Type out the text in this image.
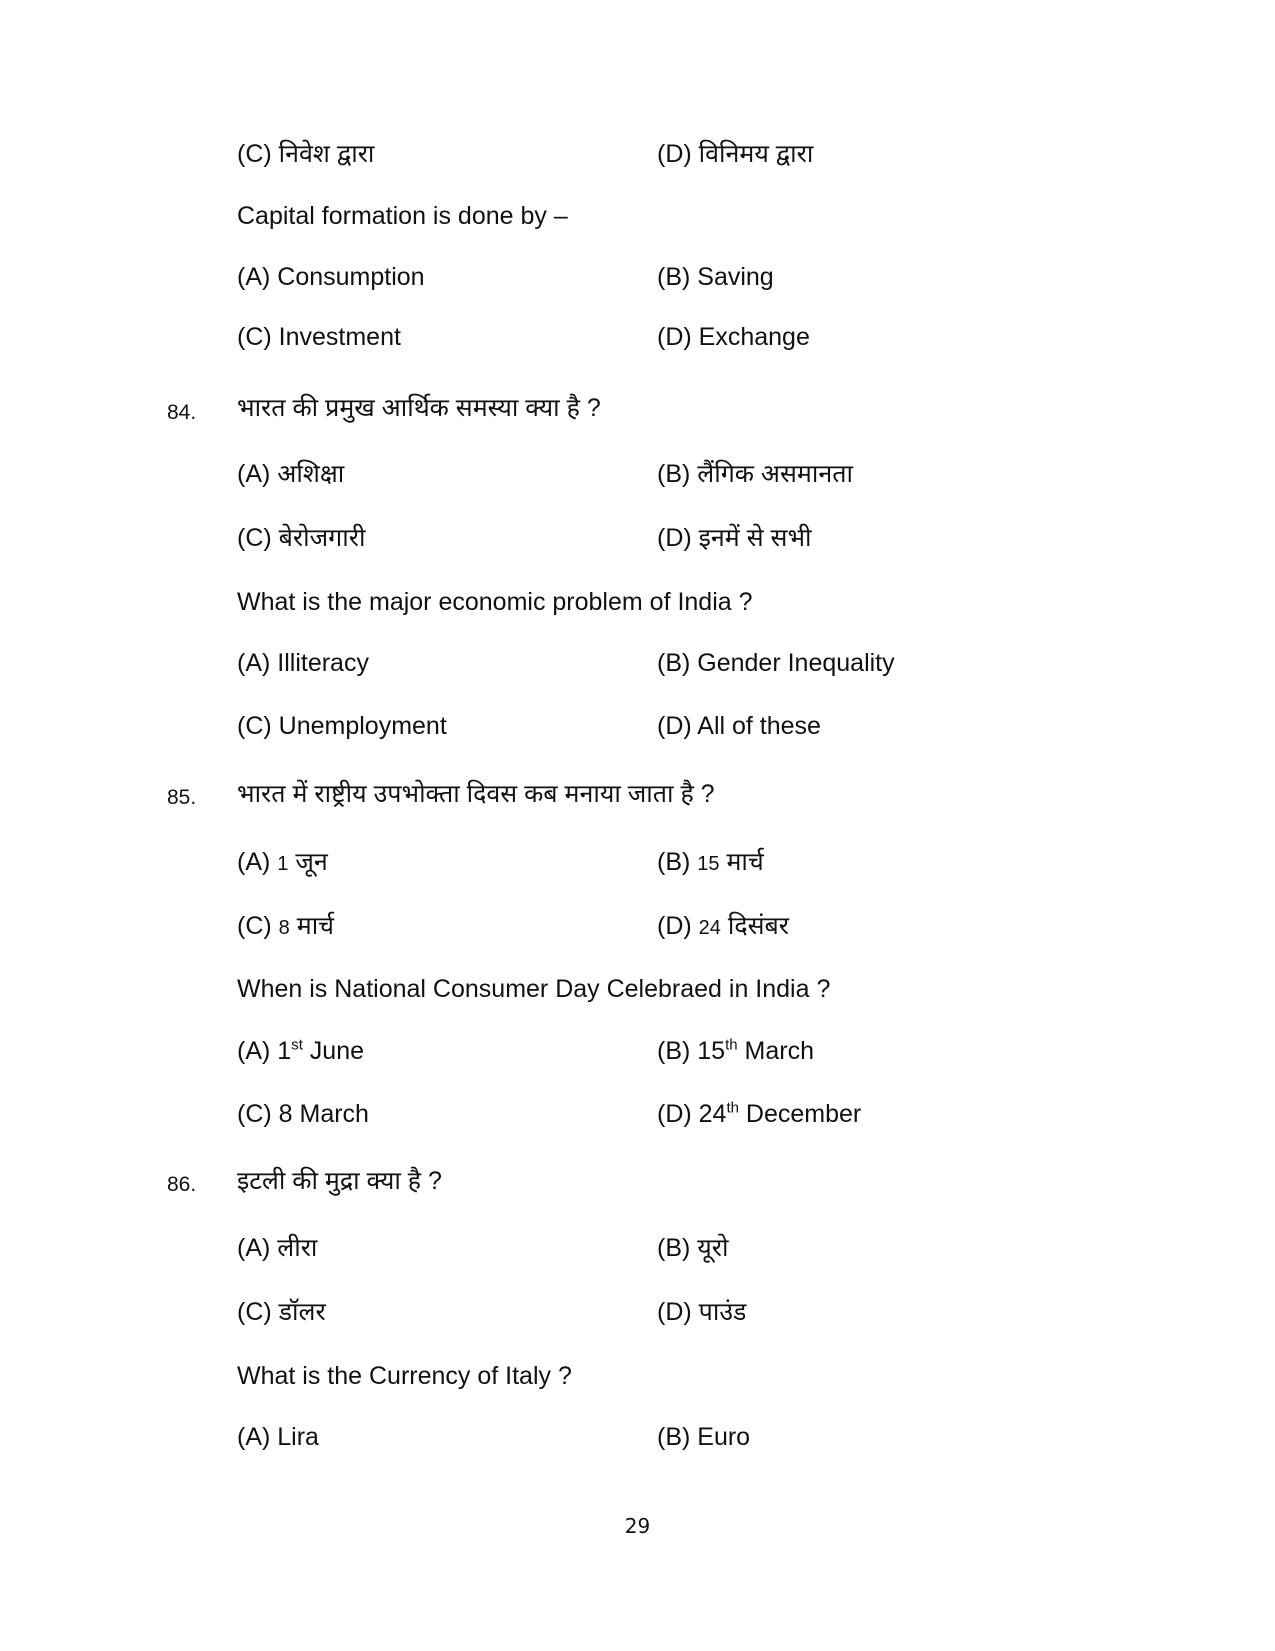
(C) निवेश द्वारा	(D) विनिमय द्वारा
Capital formation is done by –
(A) Consumption	(B) Saving
(C) Investment	(D) Exchange
84. भारत की प्रमुख आर्थिक समस्या क्या है ?
(A) अशिक्षा	(B) लैंगिक असमानता
(C) बेरोजगारी	(D) इनमें से सभी
What is the major economic problem of India ?
(A) Illiteracy	(B) Gender Inequality
(C) Unemployment	(D) All of these
85. भारत में राष्ट्रीय उपभोक्ता दिवस कब मनाया जाता है ?
(A) 1 जून	(B) 15 मार्च
(C) 8 मार्च	(D) 24 दिसंबर
When is National Consumer Day Celebraed in India ?
(A) 1st June	(B) 15th March
(C) 8 March	(D) 24th December
86. इटली की मुद्रा क्या है ?
(A) लीरा	(B) यूरो
(C) डॉलर	(D) पाउंड
What is the Currency of Italy ?
(A) Lira	(B) Euro
29
